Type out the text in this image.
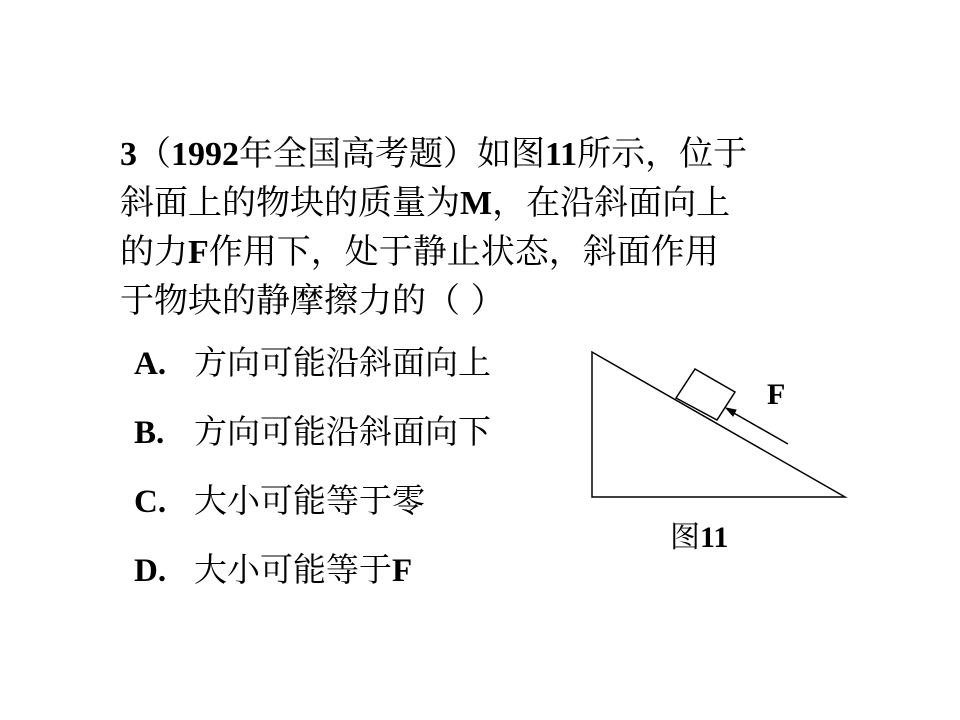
3（1992年全国高考题）如图11所示，位于
斜面上的物块的质量为M，在沿斜面向上
的力F作用下，处于静止状态，斜面作用
于物块的静摩擦力的（ ）
A. 方向可能沿斜面向上
B. 方向可能沿斜面向下
C. 大小可能等于零
D. 大小可能等于F
F
图11
